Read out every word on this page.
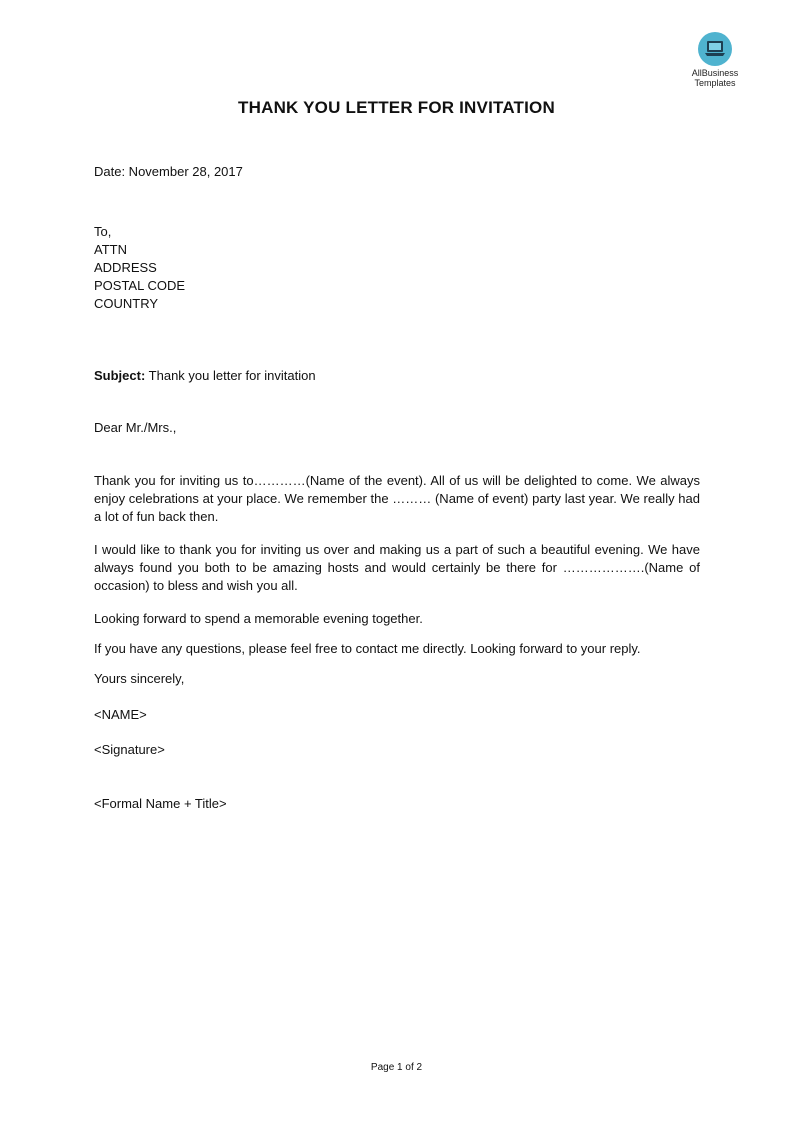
AllBusiness
Templates
THANK YOU LETTER FOR INVITATION
Date: November 28, 2017
To,
ATTN
ADDRESS
POSTAL CODE
COUNTRY
Subject: Thank you letter for invitation
Dear Mr./Mrs.,
Thank you for inviting us to…………(Name of the event). All of us will be delighted to come. We always enjoy celebrations at your place. We remember the ……… (Name of event) party last year. We really had a lot of fun back then.
I would like to thank you for inviting us over and making us a part of such a beautiful evening. We have always found you both to be amazing hosts and would certainly be there for ……………….(Name of occasion) to bless and wish you all.
Looking forward to spend a memorable evening together.
If you have any questions, please feel free to contact me directly. Looking forward to your reply.
Yours sincerely,
<NAME>
<Signature>
<Formal Name + Title>
Page 1 of 2
